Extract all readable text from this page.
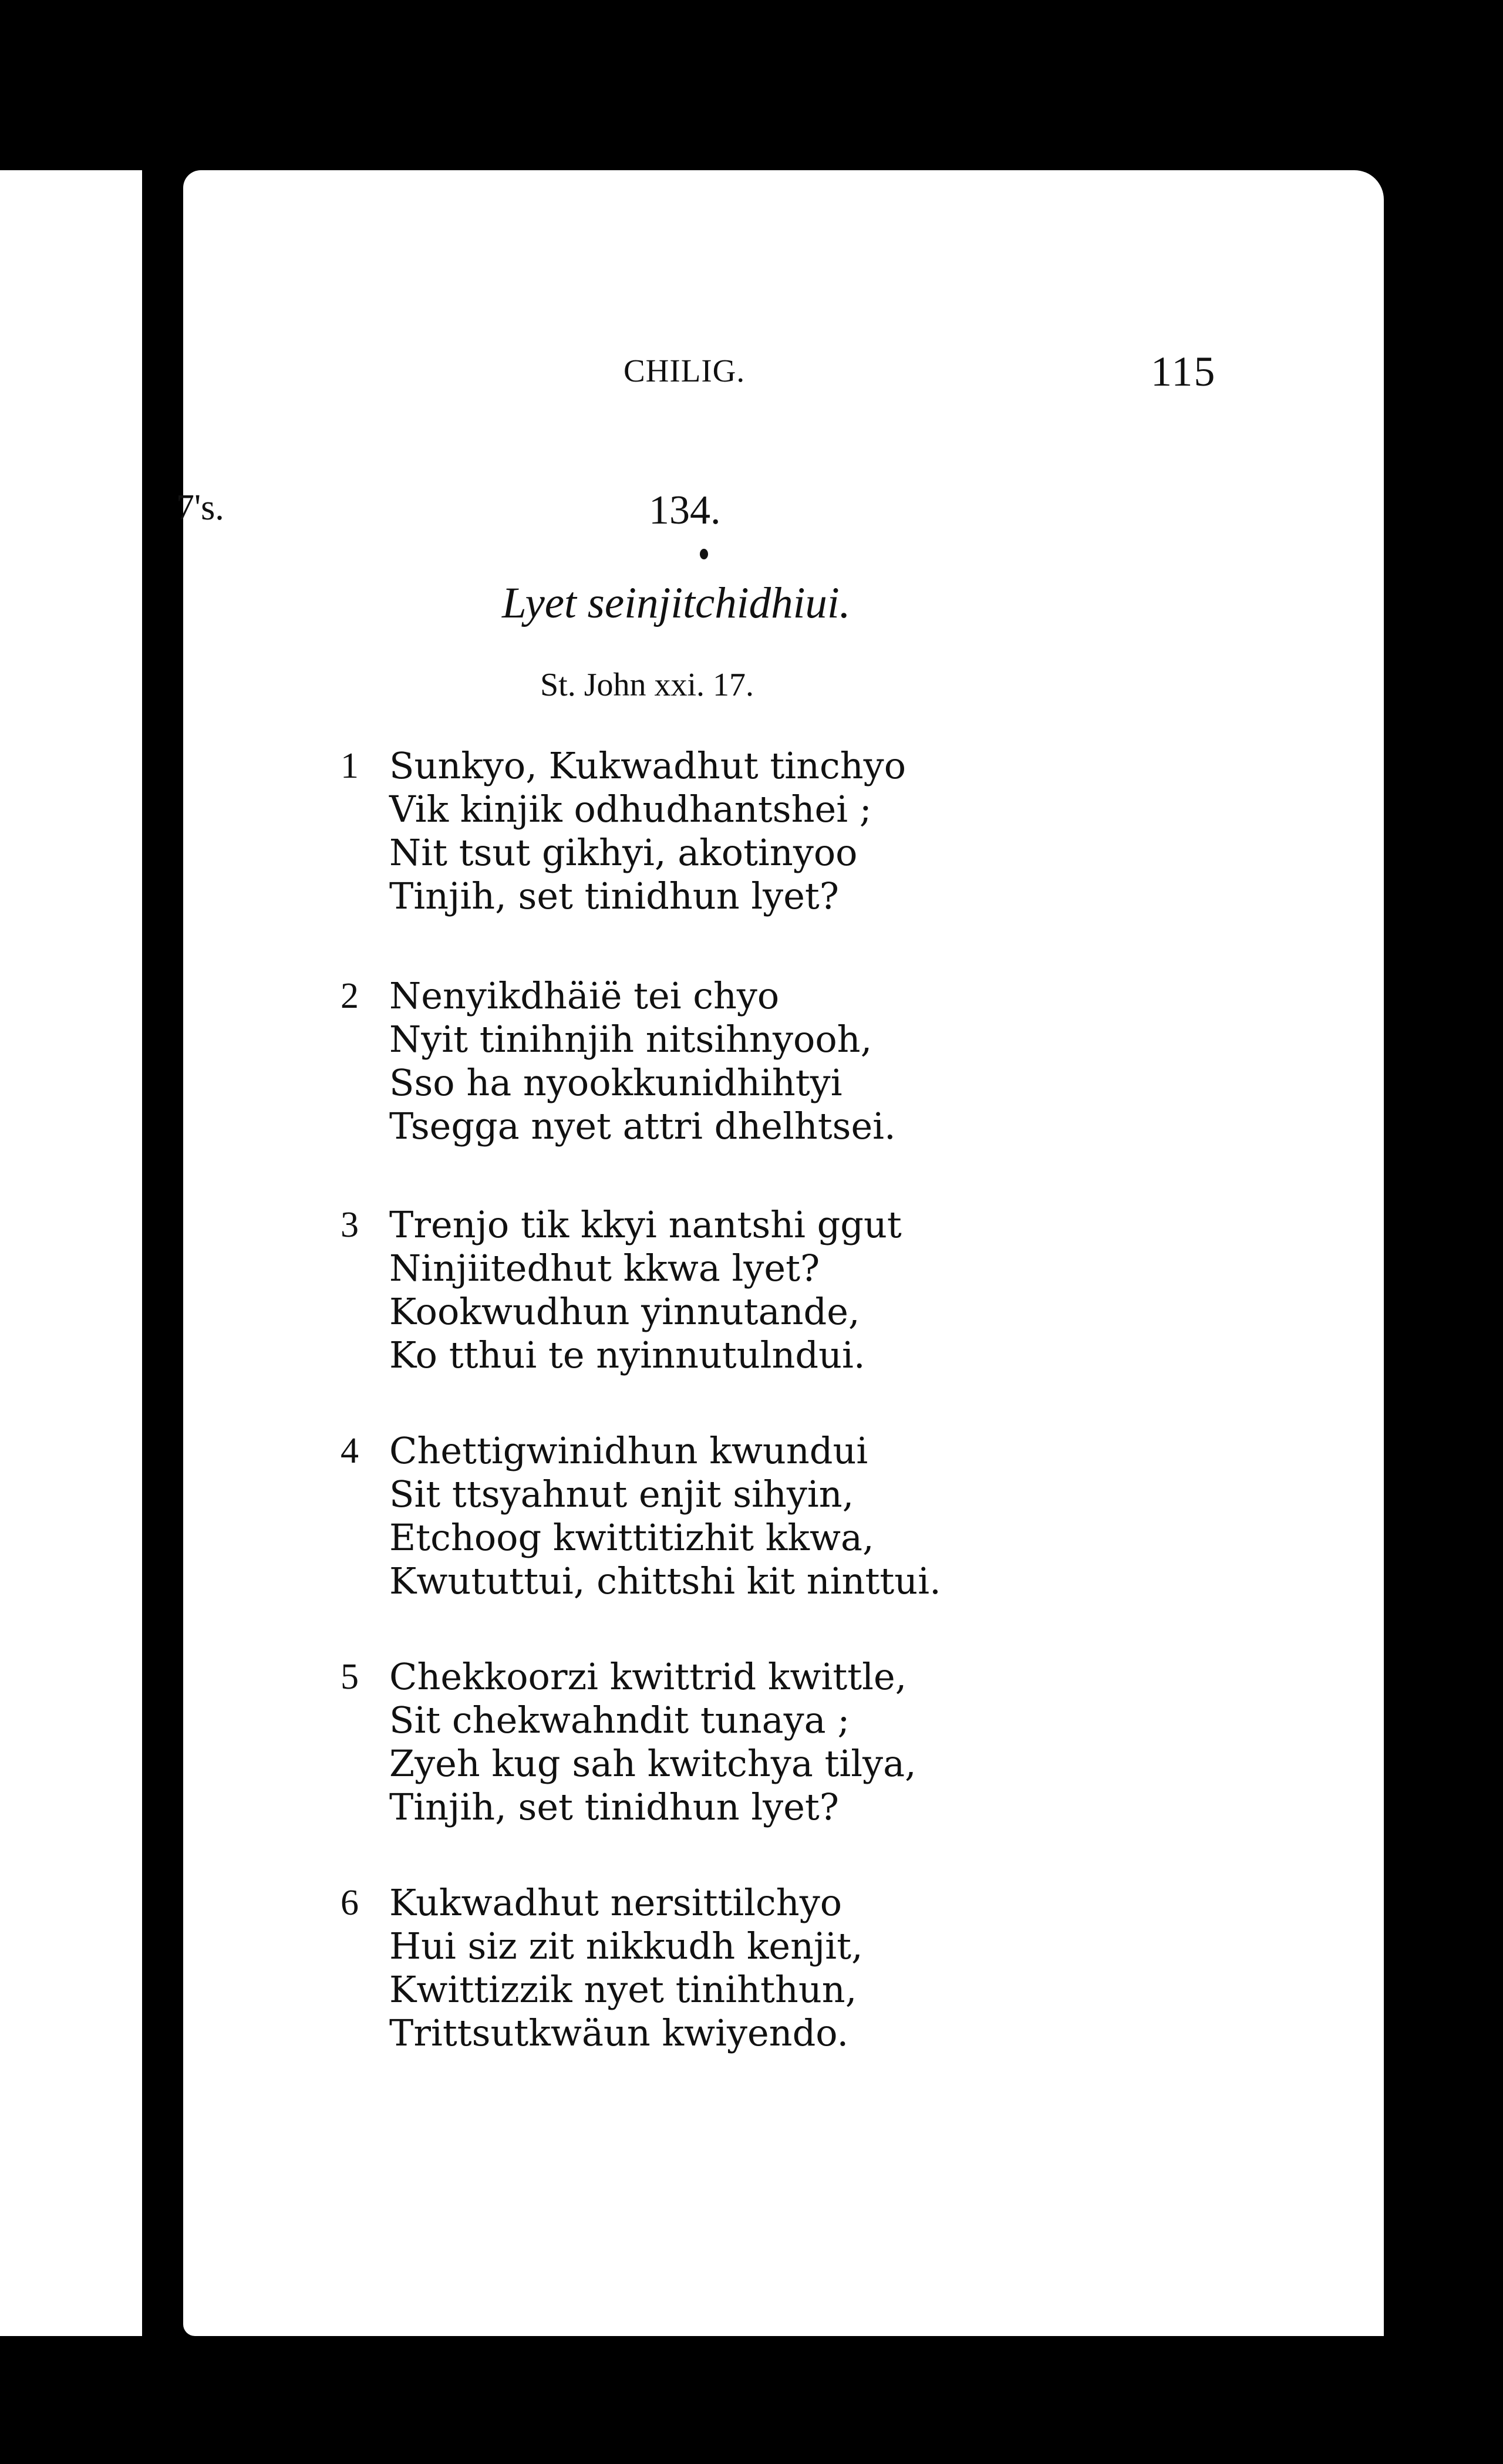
7's.
CHILIG.	115
134.
Lyet seinjitchidhiui.
St. John xxi. 17.
1 Sunkyo, Kukwadhut tinchyo
Vik kinjik odhudhantshei ;
Nit tsut gikhyi, akotinyoo
Tinjih, set tinidhun lyet?
2 Nenyikdhäië tei chyo
Nyit tinihnjih nitsihnyooh,
Sso ha nyookkunidhihtyi
Tsegga nyet attri dhelhtsei.
3 Trenjo tik kkyi nantshi ggut
Ninjiitedhut kkwa lyet?
Kookwudhun yinnutande,
Ko tthui te nyinnutulndui.
4 Chettigwinidhun kwundui
Sit ttsyahnut enjit sihyin,
Etchoog kwittitizhit kkwa,
Kwututtui, chittshi kit ninttui.
5 Chekkoorzi kwittrid kwittle,
Sit chekwahndit tunaya ;
Zyeh kug sah kwitchya tilya,
Tinjih, set tinidhun lyet?
6 Kukwadhut nersittilchyo
Hui siz zit nikkudh kenjit,
Kwittizzik nyet tinihthun,
Trittsutkwäun kwiyendo.
